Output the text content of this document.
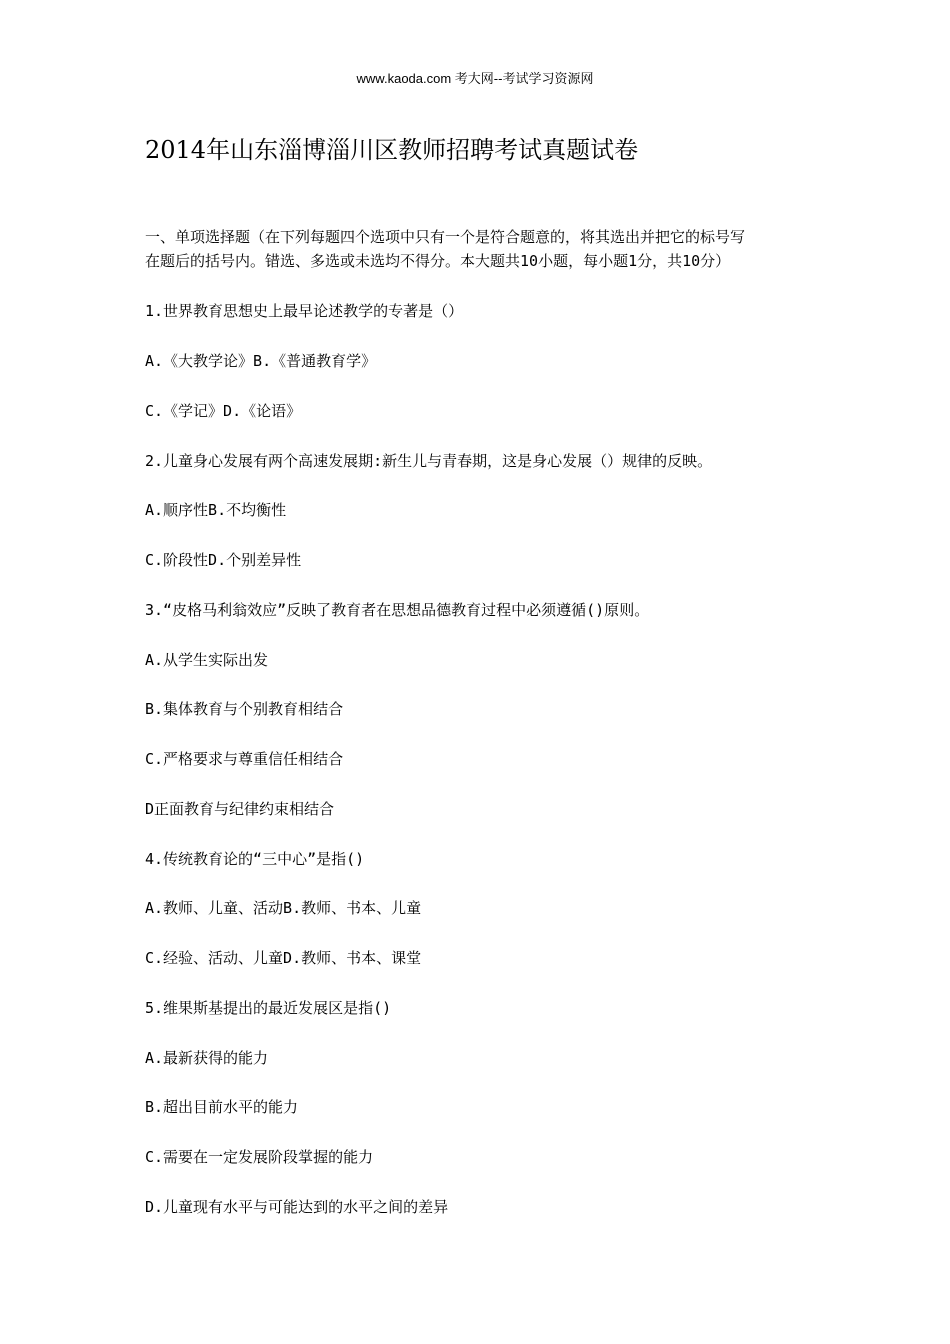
www.kaoda.com 考大网--考试学习资源网
2014年山东淄博淄川区教师招聘考试真题试卷
一、单项选择题（在下列每题四个选项中只有一个是符合题意的，将其选出并把它的标号写
在题后的括号内。错选、多选或未选均不得分。本大题共10小题，每小题1分，共10分）
1.世界教育思想史上最早论述教学的专著是（）
A.《大教学论》B.《普通教育学》
C.《学记》D.《论语》
2.儿童身心发展有两个高速发展期:新生儿与青春期，这是身心发展（）规律的反映。
A.顺序性B.不均衡性
C.阶段性D.个别差异性
3.“皮格马利翁效应”反映了教育者在思想品德教育过程中必须遵循()原则。
A.从学生实际出发
B.集体教育与个别教育相结合
C.严格要求与尊重信任相结合
D正面教育与纪律约束相结合
4.传统教育论的“三中心”是指()
A.教师、儿童、活动B.教师、书本、儿童
C.经验、活动、儿童D.教师、书本、课堂
5.维果斯基提出的最近发展区是指()
A.最新获得的能力
B.超出目前水平的能力
C.需要在一定发展阶段掌握的能力
D.儿童现有水平与可能达到的水平之间的差异
